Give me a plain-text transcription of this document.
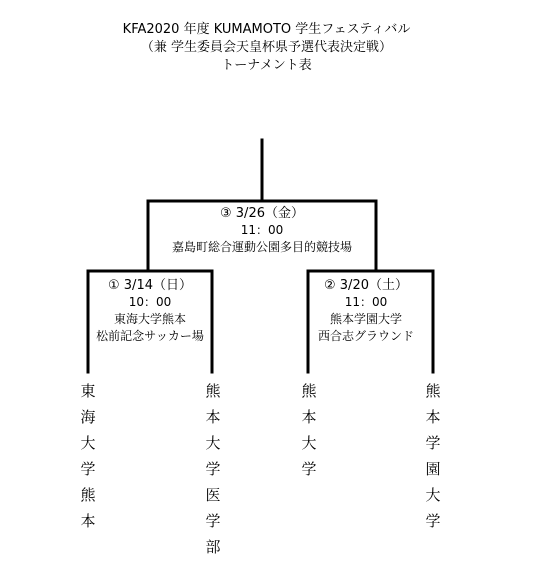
KFA2020 年度 KUMAMOTO 学生フェスティバル
（兼 学生委員会天皇杯県予選代表決定戦）
トーナメント表
③ 3/26（金）
11：00
嘉島町総合運動公園多目的競技場
① 3/14（日）
10：00
東海大学熊本
松前記念サッカー場
② 3/20（土）
11：00
熊本学園大学
西合志グラウンド
東
海
大
学
熊
本
熊
本
大
学
医
学
部
熊
本
大
学
熊
本
学
園
大
学
